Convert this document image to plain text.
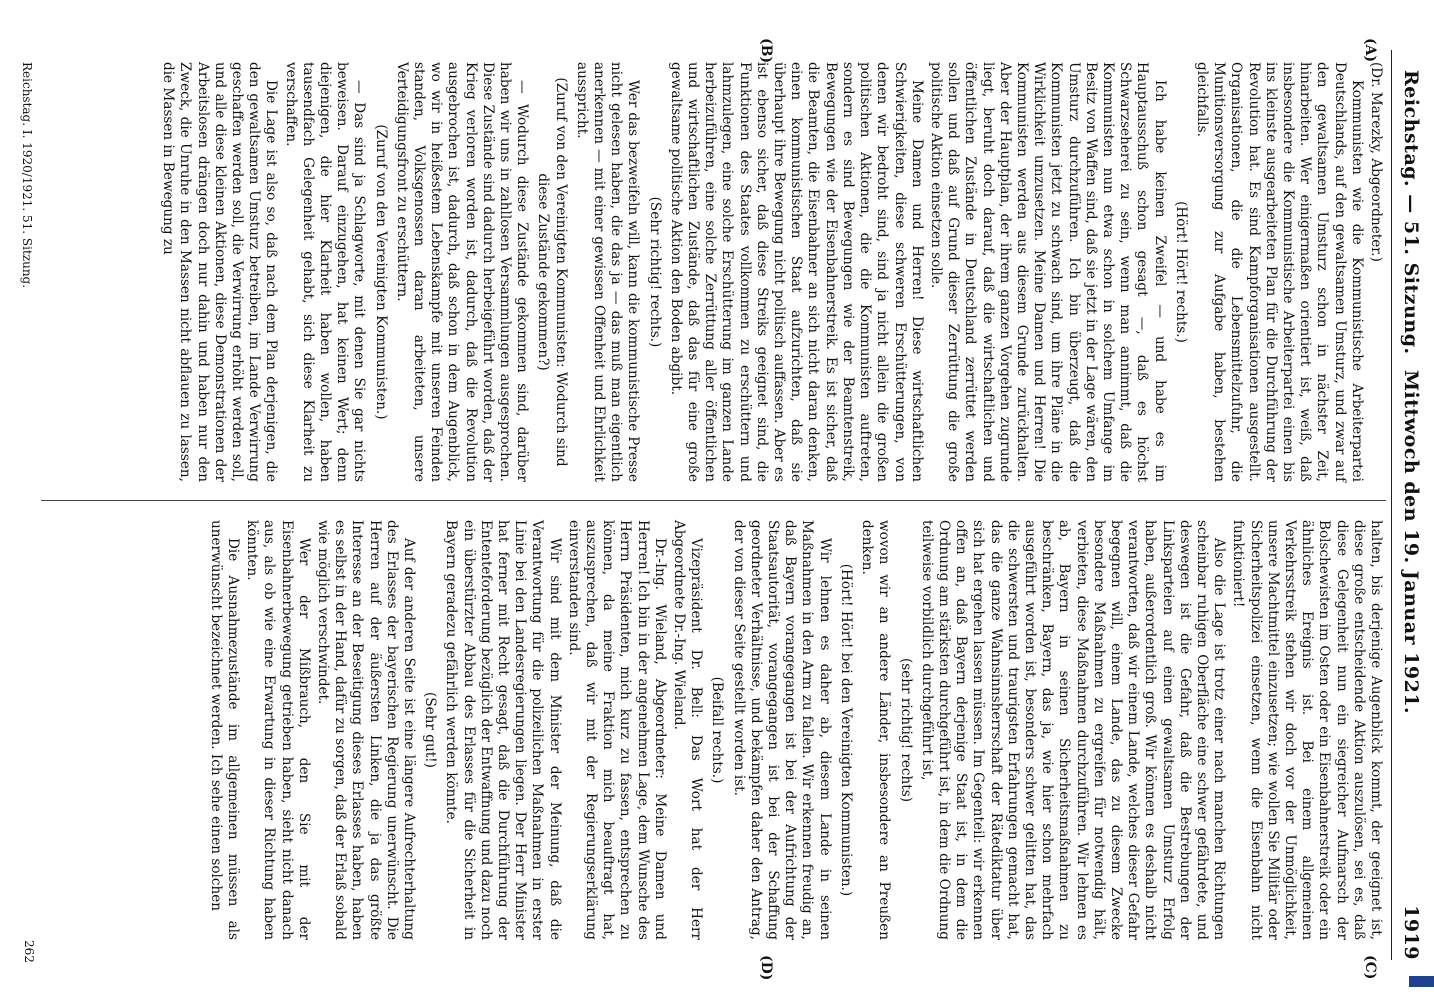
Reichstag. — 51. Sitzung.
Mittwoch den 19. Januar 1921.
1919
(A)
(B)
(C)
(D)

(Dr. Marezky, Abgeordneter.)

Kommunisten wie die Kommunistische Arbeiterpartei Deutschlands, auf den gewaltsamen Umsturz, und zwar auf den gewaltsamen Umsturz schon in nächster Zeit, hinarbeiten. Wer einigermaßen orientiert ist, weiß, daß insbesondere die Kommunistische Arbeiterpartei einen bis ins kleinste ausgearbeiteten Plan für die Durchführung der Revolution hat. Es sind Kampforganisationen ausgestellt. Organisationen, die die Lebensmittelzufuhr, die Munitionsversorgung zur Aufgabe haben, bestehen gleichfalls.

(Hört! Hört! rechts.)

Ich habe keinen Zweifel — und habe es im Hauptausschuß schon gesagt —, daß es höchst Schwarzseherei zu sein, wenn man annimmt, daß die Kommunisten nun etwa schon in solchem Umfange im Besitz von Waffen sind, daß sie jetzt in der Lage wären, den Umsturz durchzuführen. Ich bin überzeugt, daß die Kommunisten jetzt zu schwach sind, um ihre Pläne in die Wirklichkeit umzusetzen. Meine Damen und Herren! Die Kommunisten werden aus diesem Grunde zurückhalten. Aber der Hauptplan, der ihrem ganzen Vorgehen zugrunde liegt, beruht doch darauf, daß die wirtschaftlichen und öffentlichen Zustände in Deutschland zerrüttet werden sollen und daß auf Grund dieser Zerrüttung die große politische Aktion einsetzen solle.

Meine Damen und Herren! Diese wirtschaftlichen Schwierigkeiten, diese schweren Erschütterungen, von denen wir bedroht sind, sind ja nicht allein die großen politischen Aktionen, die die Kommunisten auftreten, sondern es sind Bewegungen wie der Beamtenstreik, Bewegungen wie der Eisenbahnerstreik. Es ist sicher, daß die Beamten, die Eisenbahner an sich nicht daran denken, einen kommunistischen Staat aufzurichten, daß sie überhaupt ihre Bewegung nicht politisch auffassen. Aber es ist ebenso sicher, daß diese Streiks geeignet sind, die Funktionen des Staates vollkommen zu erschüttern und lahmzulegen, eine solche Erschütterung im ganzen Lande herbeizuführen, eine solche Zerrüttung aller öffentlichen und wirtschaftlichen Zustände, daß das für eine große gewaltsame politische Aktion den Boden abgibt.

(Sehr richtig! rechts.)

Wer das bezweifeln will, kann die kommunistische Presse nicht gelesen haben, die das ja — das muß man eigentlich anerkennen — mit einer gewissen Offenheit und Ehrlichkeit ausspricht.

(Zuruf von den Vereinigten Kommunisten: Wodurch sind diese Zustände gekommen?)

— Wodurch diese Zustände gekommen sind, darüber haben wir uns in zahllosen Versammlungen ausgesprochen. Diese Zustände sind dadurch herbeigeführt worden, daß der Krieg verloren worden ist, dadurch, daß die Revolution ausgebrochen ist, dadurch, daß schon in dem Augenblick, wo wir in heißestem Lebenskampfe mit unseren Feinden standen, Volksgenossen daran arbeiteten, unsere Verteidigungsfront zu erschüttern.

(Zuruf von den Vereinigten Kommunisten.)

— Das sind ja Schlagworte, mit denen Sie gar nichts beweisen. Darauf einzugehen, hat keinen Wert; denn diejenigen, die hier Klarheit haben wollen, haben tausendfach Gelegenheit gehabt, sich diese Klarheit zu verschaffen.

Die Lage ist also so, daß nach dem Plan derjenigen, die den gewaltsamen Umsturz betreiben, im Lande Verwirrung geschaffen werden soll, die Verwirrung erhöht werden soll, und alle diese kleinen Aktionen, diese Demonstrationen der Arbeitslosen drängen doch nur dahin und haben nur den Zweck, die Unruhe in den Massen nicht abflauen zu lassen, die Massen in Bewegung zu

halten, bis derjenige Augenblick kommt, der geeignet ist, diese große entscheidende Aktion auszulösen, sei es, daß diese Gelegenheit nun ein siegreicher Aufmarsch der Bolschewisten im Osten oder ein Eisenbahnerstreik oder ein ähnliches Ereignis ist. Bei einem allgemeinen Verkehrsstreik stehen wir doch vor der Unmöglichkeit, unsere Machtmittel einzusetzen; wie wollen Sie Militär oder Sicherheitspolizei einsetzen, wenn die Eisenbahn nicht funktioniert!

Also die Lage ist trotz einer nach manchen Richtungen scheinbar ruhigen Oberfläche eine schwer gefährdete, und deswegen ist die Gefahr, daß die Bestrebungen der Linksparteien auf einen gewaltsamen Umsturz Erfolg haben, außerordentlich groß. Wir können es deshalb nicht verantworten, daß wir einem Lande, welches dieser Gefahr begegnen will, einem Lande, das zu diesem Zwecke besondere Maßnahmen zu ergreifen für notwendig hält, verbieten, diese Maßnahmen durchzuführen. Wir lehnen es ab, Bayern in seinen Sicherheitsmaßnahmen zu beschränken, Bayern, das ja, wie hier schon mehrfach ausgeführt worden ist, besonders schwer gelitten hat, das die schwersten und traurigsten Erfahrungen gemacht hat, das die ganze Wahnsinnsherrschaft der Rätediktatur über sich hat ergehen lassen müssen. Im Gegenteil: wir erkennen offen an, daß Bayern derjenige Staat ist, in dem die Ordnung am stärksten durchgeführt ist, in dem die Ordnung teilweise vorbildlich durchgeführt ist,

(sehr richtig! rechts)

wovon wir an andere Länder, insbesondere an Preußen denken.

(Hört! Hört! bei den Vereinigten Kommunisten.)

Wir lehnen es daher ab, diesem Lande in seinen Maßnahmen in den Arm zu fallen. Wir erkennen freudig an, daß Bayern vorangegangen ist bei der Aufrichtung der Staatsautorität, vorangegangen ist bei der Schaffung geordneter Verhältnisse, und bekämpfen daher den Antrag, der von dieser Seite gestellt worden ist.

(Beifall rechts.)

Vizepräsident Dr. Bell: Das Wort hat der Herr Abgeordnete Dr.-Ing. Wieland.

Dr.-Ing. Wieland, Abgeordneter: Meine Damen und Herren! Ich bin in der angenehmen Lage, dem Wunsche des Herrn Präsidenten, mich kurz zu fassen, entsprechen zu können, da meine Fraktion mich beauftragt hat, auszusprechen, daß wir mit der Regierungserklärung einverstanden sind.

Wir sind mit dem Minister der Meinung, daß die Verantwortung für die polizeilichen Maßnahmen in erster Linie bei den Landesregierungen liegen. Der Herr Minister hat ferner mit Recht gesagt, daß die Durchführung der Ententeforderung bezüglich der Entwaffnung und dazu noch ein überstürzter Abbau des Erlasses für die Sicherheit in Bayern geradezu gefährlich werden könnte.

(Sehr gut!)

Auf der anderen Seite ist eine längere Aufrechterhaltung des Erlasses der bayerischen Regierung unerwünscht. Die Herren auf der äußersten Linken, die ja das größte Interesse an der Beseitigung dieses Erlasses haben, haben es selbst in der Hand, dafür zu sorgen, daß der Erlaß sobald wie möglich verschwindet.

Wer der Mißbrauch, den Sie mit der Eisenbahnerbewegung getrieben haben, sieht nicht danach aus, als ob wie eine Erwartung in dieser Richtung haben könnten.

Die Ausnahmezustände im allgemeinen müssen als unerwünscht bezeichnet werden. Ich sehe einen solchen

Reichstag. I. 1920/1921. 51. Sitzung.
262
